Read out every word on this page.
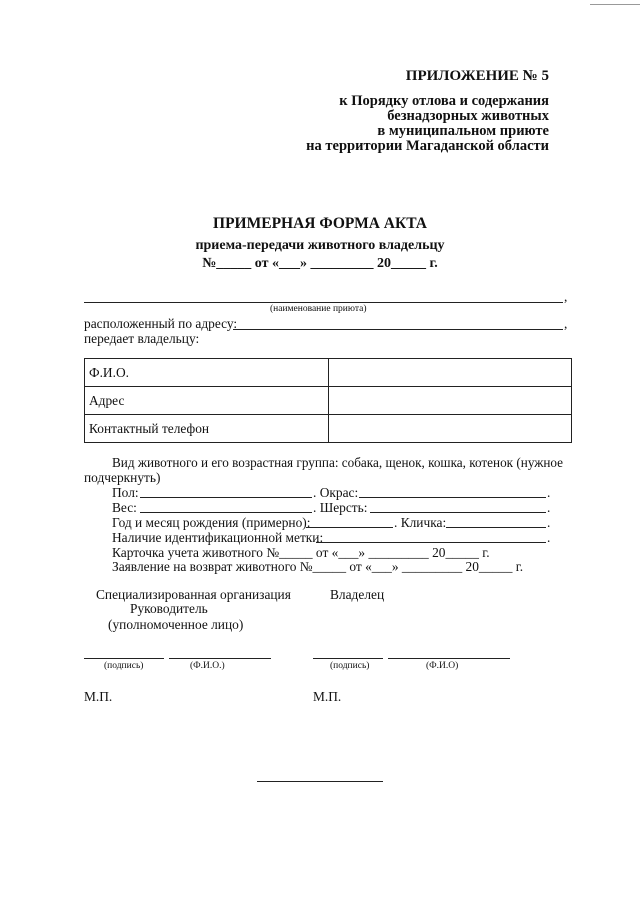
ПРИЛОЖЕНИЕ № 5
к Порядку отлова и содержания
безнадзорных животных
в муниципальном приюте
на территории Магаданской области
ПРИМЕРНАЯ ФОРМА АКТА
приема-передачи животного владельцу
№_____ от «___» _________ 20_____ г.
,
(наименование приюта)
расположенный по адресу:	,
передает владельцу:
Ф.И.О.	
Адрес	
Контактный телефон	
Вид животного и его возрастная группа: собака, щенок, кошка, котенок (нужное
подчеркнуть)
Пол:	. Окрас:	.
Вес:	. Шерсть:	.
Год и месяц рождения (примерно):	. Кличка:	.
Наличие идентификационной метки:	.
Карточка учета животного №_____ от «___» _________ 20_____ г.
Заявление на возврат животного №_____ от «___» _________ 20_____ г.
Специализированная организация
Руководитель
(уполномоченное лицо)
Владелец
(подпись)	(Ф.И.О.)	(подпись)	(Ф.И.О)
М.П.	М.П.
